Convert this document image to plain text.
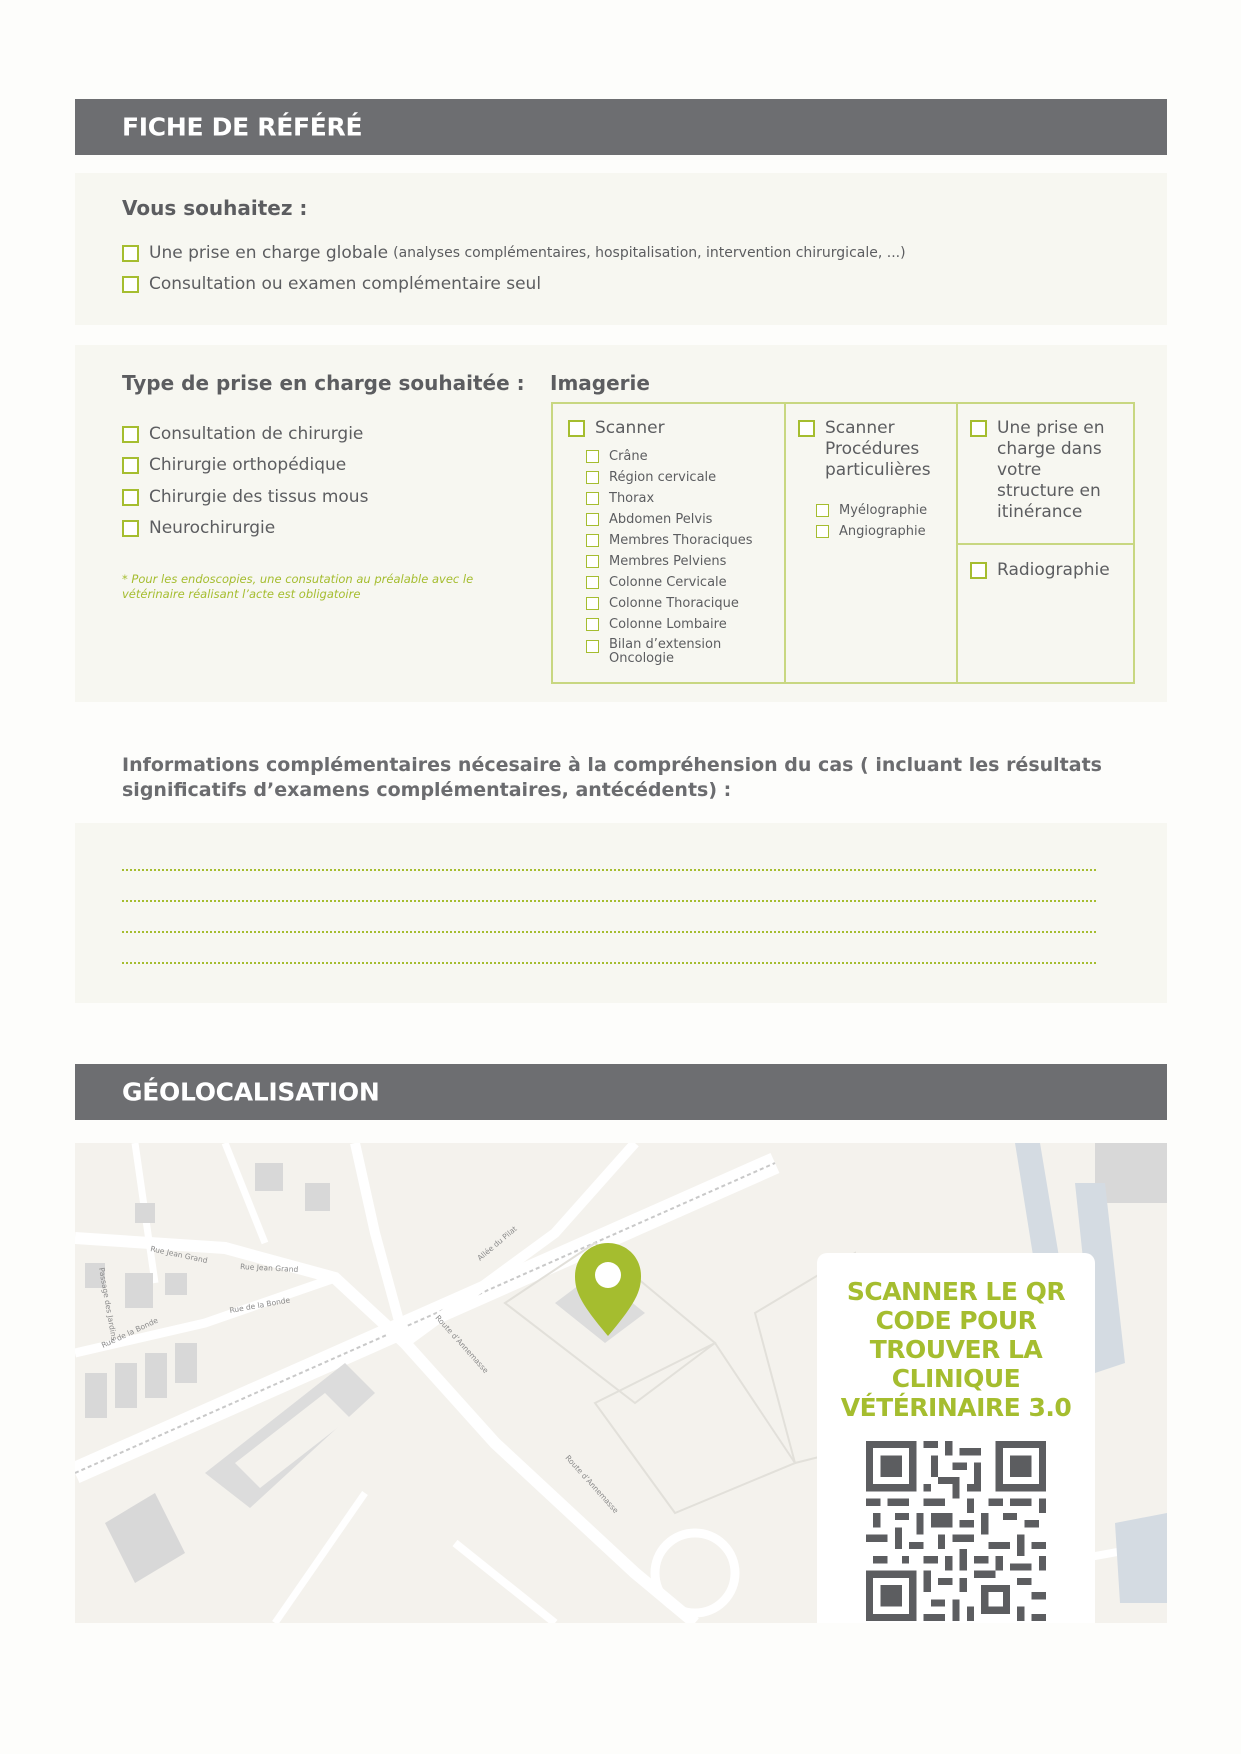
FICHE DE RÉFÉRÉ
Vous souhaitez :
Une prise en charge globale (analyses complémentaires, hospitalisation, intervention chirurgicale, ...)
Consultation ou examen complémentaire seul
Type de prise en charge souhaitée :
Consultation de chirurgie
Chirurgie orthopédique
Chirurgie des tissus mous
Neurochirurgie
* Pour les endoscopies, une consutation au préalable avec le vétérinaire réalisant l’acte est obligatoire
Imagerie
Scanner
Crâne
Région cervicale
Thorax
Abdomen Pelvis
Membres Thoraciques
Membres Pelviens
Colonne Cervicale
Colonne Thoracique
Colonne Lombaire
Bilan d’extension Oncologie
Scanner Procédures particulières
Myélographie
Angiographie
Une prise en charge dans votre structure en itinérance
Radiographie
Informations complémentaires nécesaire à la compréhension du cas ( incluant les résultats significatifs d’examens complémentaires, antécédents) :
GÉOLOCALISATION
Rue Jean Grand
Rue Jean Grand
Rue de la Bonde
Rue de la Bonde
Passage des Jardins
Allée du Pilat
Route d’Annemasse
Route d’Annemasse
SCANNER LE QR CODE POUR TROUVER LA CLINIQUE VÉTÉRINAIRE 3.0
